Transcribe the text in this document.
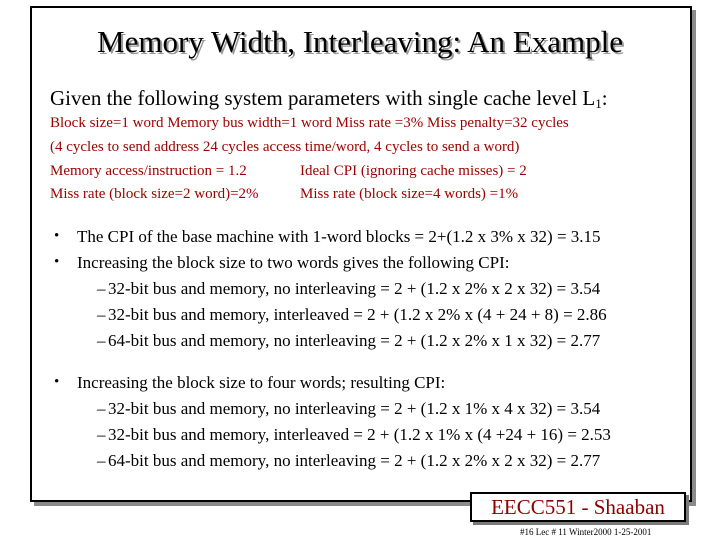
Memory Width, Interleaving: An Example
Given the following system parameters with single cache level $L_1$:
Block size=1 word Memory bus width=1 word Miss rate =3% Miss penalty=32 cycles
(4 cycles to send address 24 cycles access time/word, 4 cycles to send a word)
Memory access/instruction = 1.2	Ideal CPI (ignoring cache misses) = 2
Miss rate (block size=2 word)=2%	Miss rate (block size=4 words) =1%
• The CPI of the base machine with 1-word blocks = 2+(1.2 x 3% x 32) = 3.15
• Increasing the block size to two words gives the following CPI:
– 32-bit bus and memory, no interleaving = 2 + (1.2 x 2% x 2 x 32) = 3.54
– 32-bit bus and memory, interleaved = 2 + (1.2 x 2% x (4 + 24 + 8) = 2.86
– 64-bit bus and memory, no interleaving = 2 + (1.2 x 2% x 1 x 32) = 2.77
• Increasing the block size to four words; resulting CPI:
– 32-bit bus and memory, no interleaving = 2 + (1.2 x 1% x 4 x 32) = 3.54
– 32-bit bus and memory, interleaved = 2 + (1.2 x 1% x (4 +24 + 16) = 2.53
– 64-bit bus and memory, no interleaving = 2 + (1.2 x 2% x 2 x 32) = 2.77
EECC551 - Shaaban
#16 Lec # 11 Winter2000 1-25-2001
